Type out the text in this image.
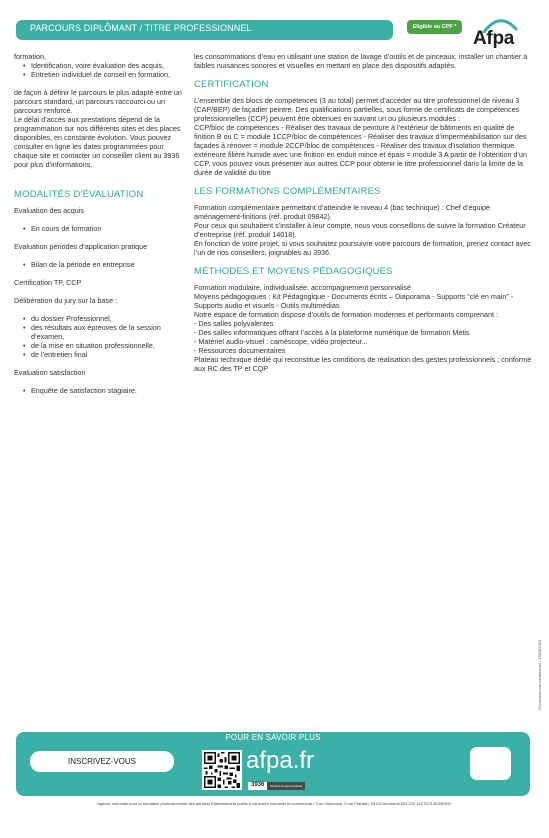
PARCOURS DIPLÔMANT / TITRE PROFESSIONNEL	Eligible au CPF *
Afpa

formation,

• Identification, voire évaluation des acquis,

• Entretien individuel de conseil en formation,

de façon à définir le parcours le plus adapté entre un parcours standard, un parcours raccourci ou un parcours renforcé.

Le délai d’accès aux prestations dépend de la programmation sur nos différents sites et des places disponibles, en constante évolution. Vous pouvez consulter en ligne les dates programmées pour chaque site et contacter un conseiller client au 3936 pour plus d’informations.

MODALITÉS D'ÉVALUATION

Evaluation des acquis

• En cours de formation

Evaluation périodes d’application pratique

• Bilan de la période en entreprise

Certification TP, CCP

Délibération du jury sur la base :

• du dossier Professionnel,

• des résultats aux épreuves de la session d’examen,

• de la mise en situation professionnelle,

• de l’entretien final

Evaluation satisfaction

• Enquête de satisfaction stagiaire.

les consommations d’eau en utilisant une station de lavage d’outils et de pinceaux, installer un chantier à faibles nuisances sonores et visuelles en mettant en place des dispositifs adaptés.

CERTIFICATION

L’ensemble des blocs de compétences (3 au total) permet d’accéder au titre professionnel de niveau 3 (CAP/BEP) de façadier peintre. Des qualifications partielles, sous forme de certificats de compétences professionnelles (CCP) peuvent être obtenues en suivant un ou plusieurs modules :

CCP/bloc de compétences - Réaliser des travaux de peinture à l’extérieur de bâtiments en qualité de finition B ou C = module 1CCP/bloc de compétences - Réaliser des travaux d’imperméabilisation sur des façades à rénover = module 2CCP/bloc de compétences - Réaliser des travaux d’isolation thermique extérieure filière humide avec une finition en enduit mince et épais = module 3 A partir de l’obtention d’un CCP, vous pouvez vous présenter aux autres CCP pour obtenir le titre professionnel dans la limite de la durée de validité du titre

LES FORMATIONS COMPLÉMENTAIRES

Formation complémentaire permettant d’atteindre le niveau 4 (bac technique) : Chef d’équipe aménagement-finitions (réf. produit 09842).

Pour ceux qui souhaitent s’installer à leur compte, nous vous conseillons de suivre la formation Créateur d’entreprise (réf. produit 14018).

En fonction de votre projet, si vous souhaitez poursuivre votre parcours de formation, prenez contact avec l’un de nos conseillers, joignables au 3936.

MÉTHODES ET MOYENS PÉDAGOGIQUES

Formation modulaire, individualisée, accompagnement personnalisé

Moyens pédagogiques : Kit Pédagogique - Documents écrits – Diaporama - Supports “clé en main” - Supports audio et visuels - Outils multimédias

Notre espace de formation dispose d’outils de formation modernes et performants comprenant :

- Des salles polyvalentes

- Des salles informatiques offrant l’accès à la plateforme numérique de formation Métis

- Matériel audio-visuel : caméscope, vidéo projecteur...

- Ressources documentaires

Plateau technique dédié qui reconstitue les conditions de réalisation des gestes professionnels ; conforme aux RC des TP et CQP

Document non contractuel - 19/04/2023
POUR EN SAVOIR PLUS
INSCRIVEZ-VOUS	afpa.fr
3936	Service & appel gratuits
Agence nationale pour la formation professionnelle des adultes| Établissement public à caractère industriel et commercial • Tour Cityscope, 3 rue Franklin, 93100 Montreuil 824 229 142 RCS BOBIGNY
